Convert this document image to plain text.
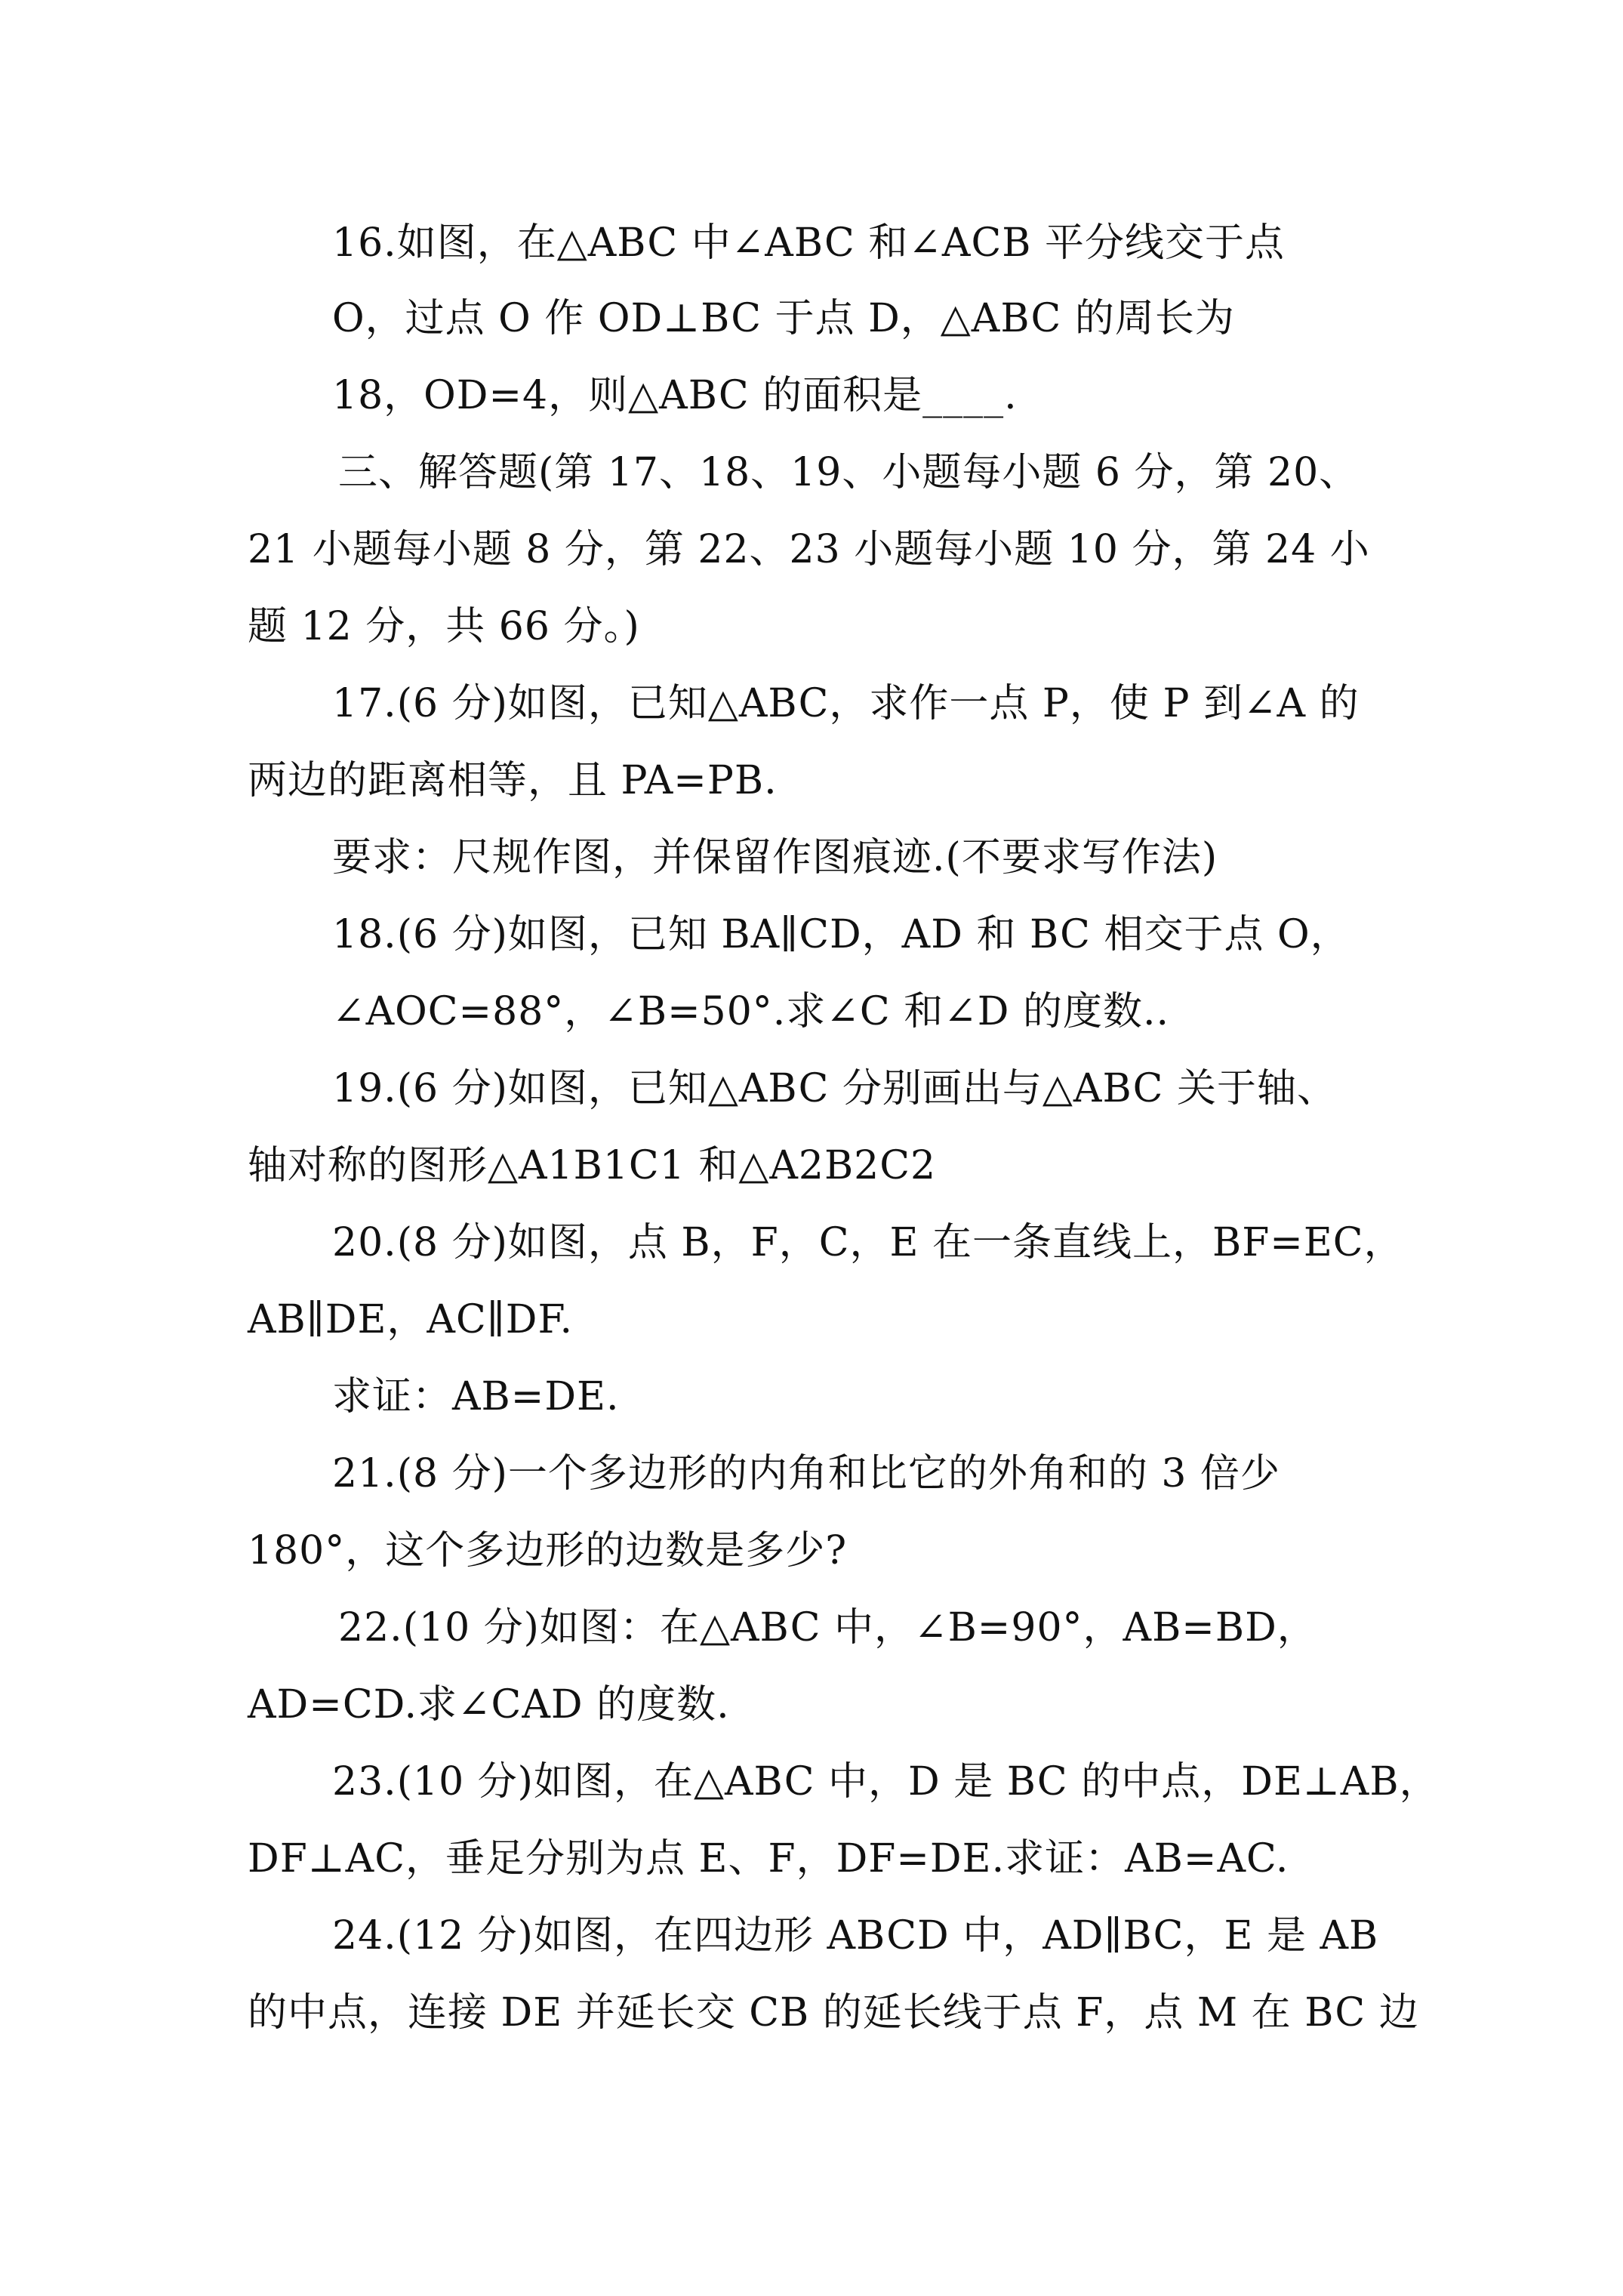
16.如图，在△ABC 中∠ABC 和∠ACB 平分线交于点
O，过点 O 作 OD⊥BC 于点 D，△ABC 的周长为
18，OD=4，则△ABC 的面积是____.
三、解答题(第 17、18、19、小题每小题 6 分，第 20、
21 小题每小题 8 分，第 22、23 小题每小题 10 分，第 24 小
题 12 分，共 66 分。)
17.(6 分)如图，已知△ABC，求作一点 P，使 P 到∠A 的
两边的距离相等，且 PA=PB.
要求：尺规作图，并保留作图痕迹.(不要求写作法)
18.(6 分)如图，已知 BA∥CD，AD 和 BC 相交于点 O，
∠AOC=88°，∠B=50°.求∠C 和∠D 的度数..
19.(6 分)如图，已知△ABC 分别画出与△ABC 关于轴、
轴对称的图形△A1B1C1 和△A2B2C2
20.(8 分)如图，点 B，F，C，E 在一条直线上，BF=EC，
AB∥DE，AC∥DF.
求证：AB=DE.
21.(8 分)一个多边形的内角和比它的外角和的 3 倍少
180°，这个多边形的边数是多少?
22.(10 分)如图：在△ABC 中，∠B=90°，AB=BD，
AD=CD.求∠CAD 的度数.
23.(10 分)如图，在△ABC 中，D 是 BC 的中点，DE⊥AB，
DF⊥AC，垂足分别为点 E、F，DF=DE.求证：AB=AC.
24.(12 分)如图，在四边形 ABCD 中，AD∥BC，E 是 AB
的中点，连接 DE 并延长交 CB 的延长线于点 F，点 M 在 BC 边
